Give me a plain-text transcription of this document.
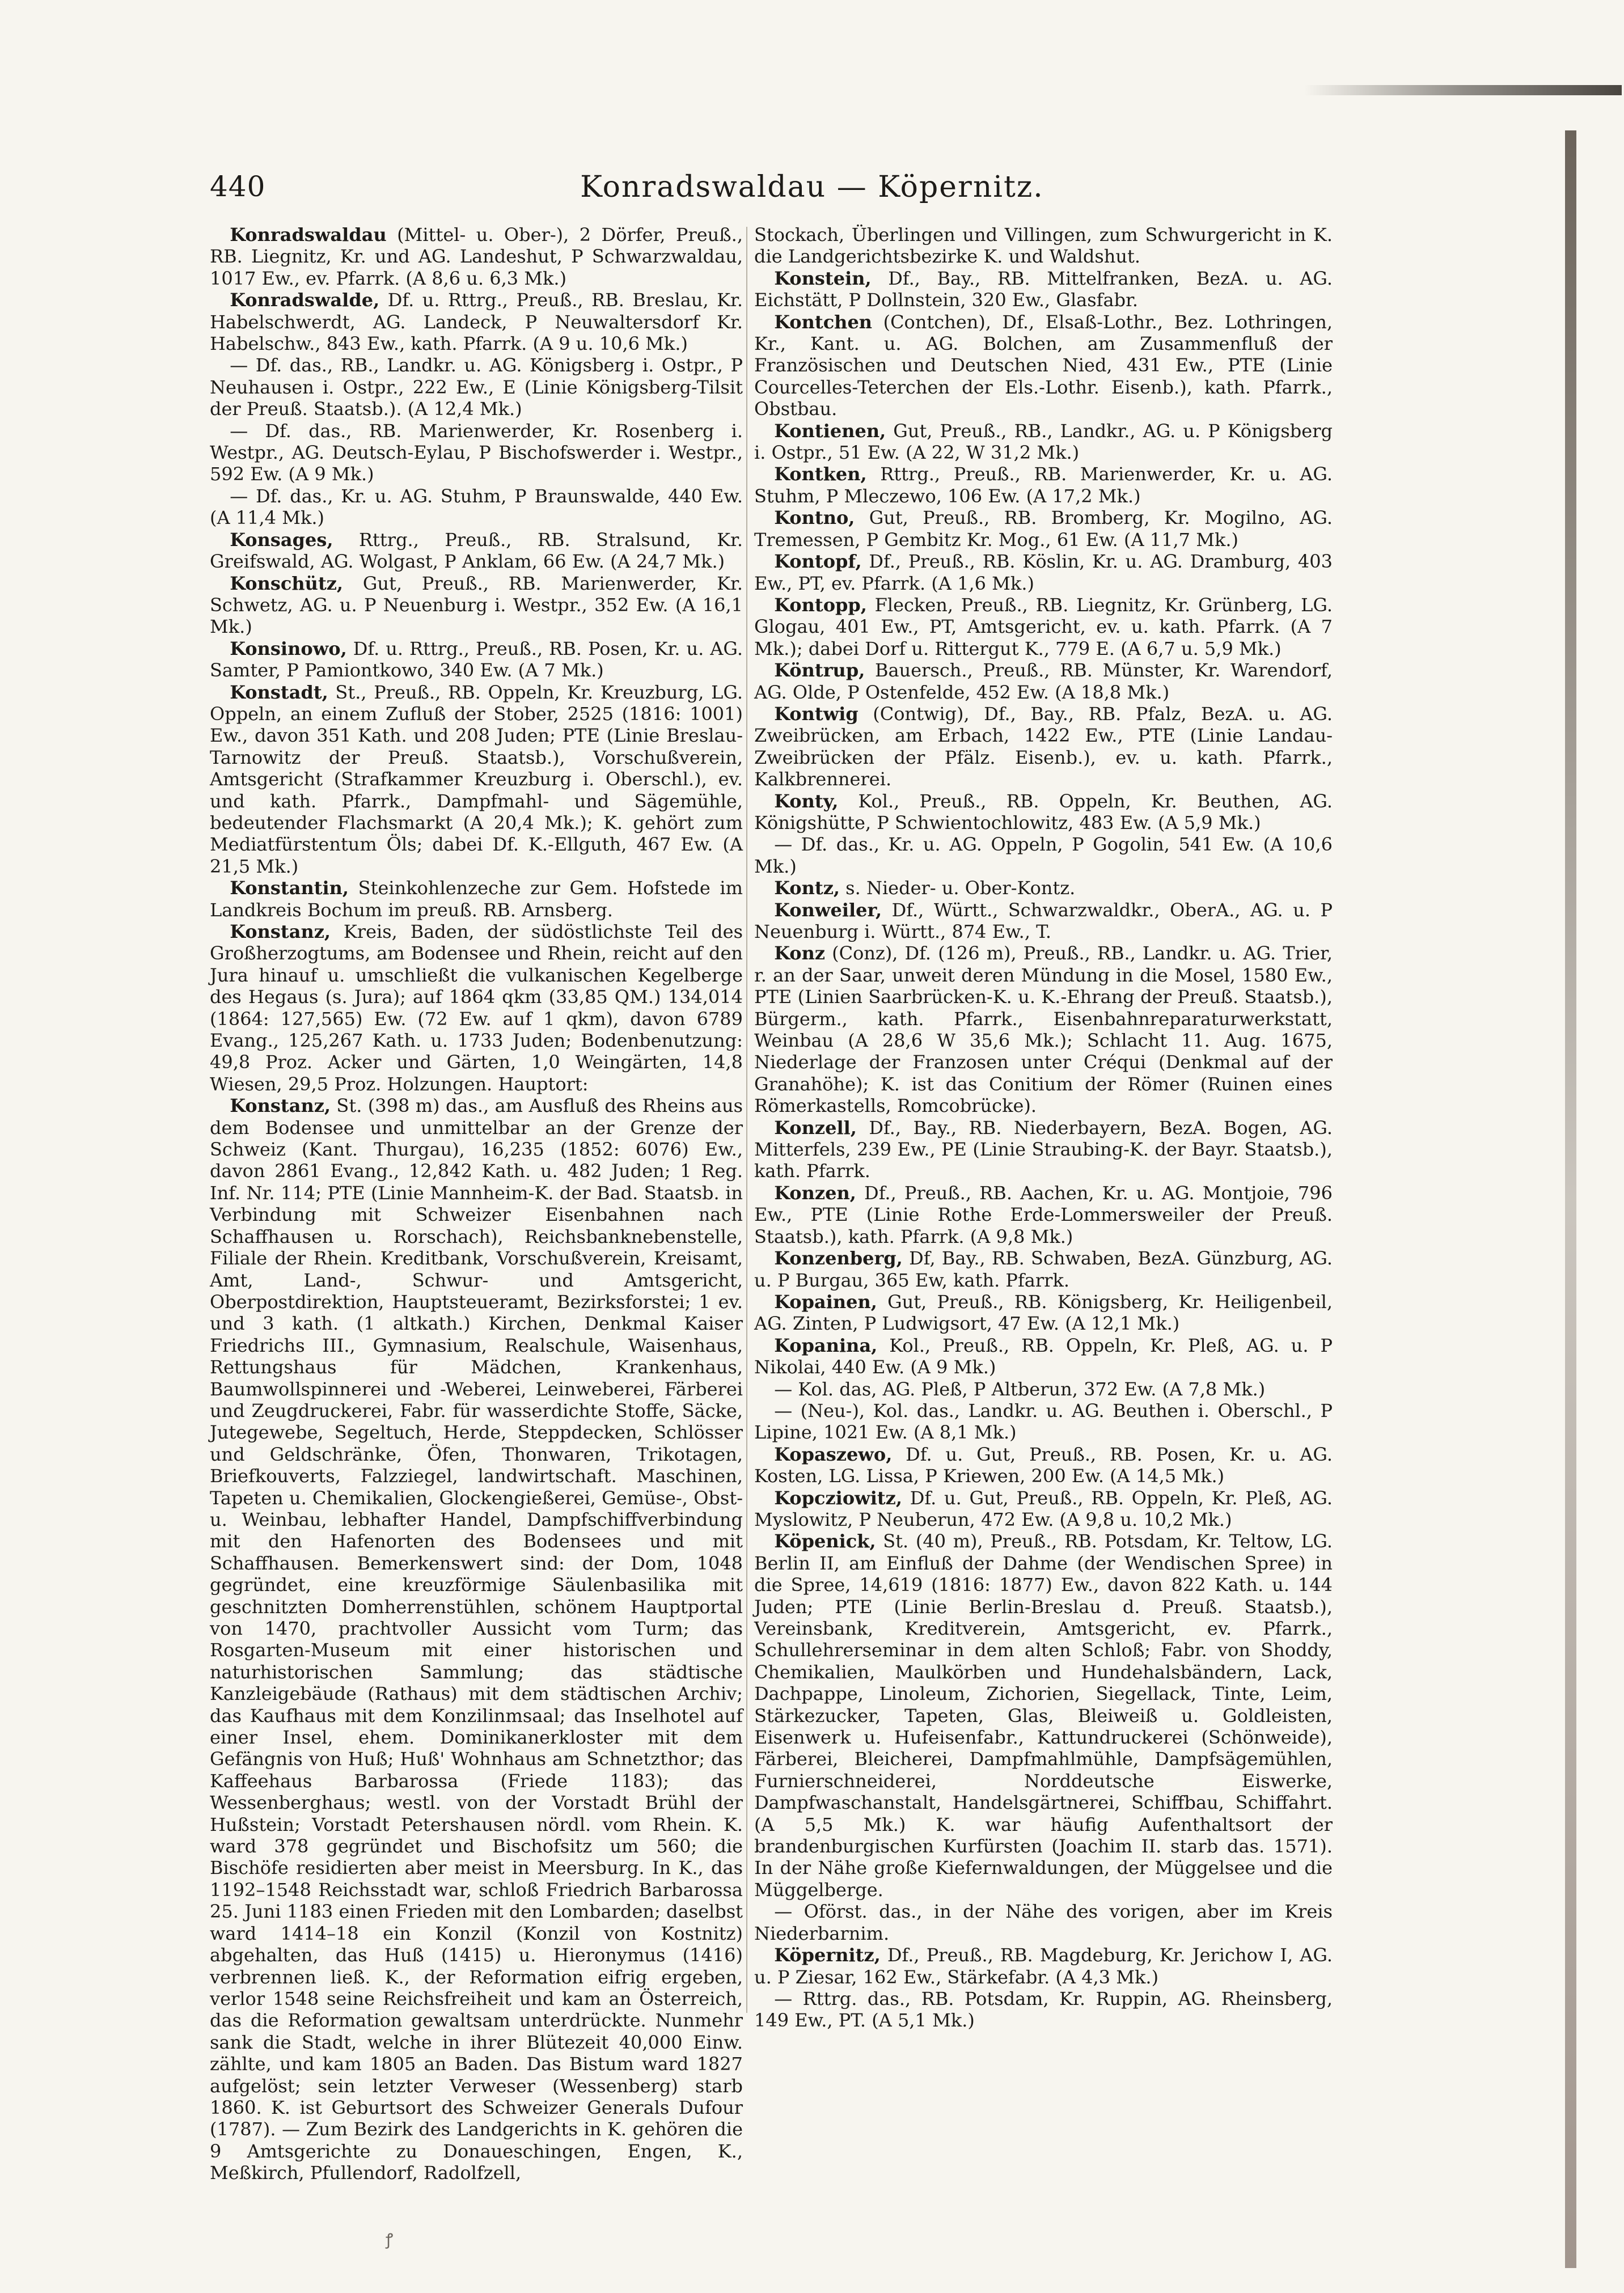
440	Konradswaldau — Köpernitz.

Konradswaldau (Mittel- u. Ober-), 2 Dörfer, Preuß., RB. Liegnitz, Kr. und AG. Landeshut, P Schwarzwaldau, 1017 Ew., ev. Pfarrk. (A 8,6 u. 6,3 Mk.)

Konradswalde, Df. u. Rttrg., Preuß., RB. Breslau, Kr. Habelschwerdt, AG. Landeck, P Neuwaltersdorf Kr. Habelschw., 843 Ew., kath. Pfarrk. (A 9 u. 10,6 Mk.)

— Df. das., RB., Landkr. u. AG. Königsberg i. Ostpr., P Neuhausen i. Ostpr., 222 Ew., E (Linie Königsberg-Tilsit der Preuß. Staatsb.). (A 12,4 Mk.)

— Df. das., RB. Marienwerder, Kr. Rosenberg i. Westpr., AG. Deutsch-Eylau, P Bischofswerder i. Westpr., 592 Ew. (A 9 Mk.)

— Df. das., Kr. u. AG. Stuhm, P Braunswalde, 440 Ew. (A 11,4 Mk.)

Konsages, Rttrg., Preuß., RB. Stralsund, Kr. Greifswald, AG. Wolgast, P Anklam, 66 Ew. (A 24,7 Mk.)

Konschütz, Gut, Preuß., RB. Marienwerder, Kr. Schwetz, AG. u. P Neuenburg i. Westpr., 352 Ew. (A 16,1 Mk.)

Konsinowo, Df. u. Rttrg., Preuß., RB. Posen, Kr. u. AG. Samter, P Pamiontkowo, 340 Ew. (A 7 Mk.)

Konstadt, St., Preuß., RB. Oppeln, Kr. Kreuzburg, LG. Oppeln, an einem Zufluß der Stober, 2525 (1816: 1001) Ew., davon 351 Kath. und 208 Juden; PTE (Linie Breslau-Tarnowitz der Preuß. Staatsb.), Vorschußverein, Amtsgericht (Strafkammer Kreuzburg i. Oberschl.), ev. und kath. Pfarrk., Dampfmahl- und Sägemühle, bedeutender Flachsmarkt (A 20,4 Mk.); K. gehört zum Mediatfürstentum Öls; dabei Df. K.-Ellguth, 467 Ew. (A 21,5 Mk.)

Konstantin, Steinkohlenzeche zur Gem. Hofstede im Landkreis Bochum im preuß. RB. Arnsberg.

Konstanz, Kreis, Baden, der südöstlichste Teil des Großherzogtums, am Bodensee und Rhein, reicht auf den Jura hinauf u. umschließt die vulkanischen Kegelberge des Hegaus (s. Jura); auf 1864 qkm (33,85 QM.) 134,014 (1864: 127,565) Ew. (72 Ew. auf 1 qkm), davon 6789 Evang., 125,267 Kath. u. 1733 Juden; Bodenbenutzung: 49,8 Proz. Acker und Gärten, 1,0 Weingärten, 14,8 Wiesen, 29,5 Proz. Holzungen. Hauptort:

Konstanz, St. (398 m) das., am Ausfluß des Rheins aus dem Bodensee und unmittelbar an der Grenze der Schweiz (Kant. Thurgau), 16,235 (1852: 6076) Ew., davon 2861 Evang., 12,842 Kath. u. 482 Juden; 1 Reg. Inf. Nr. 114; PTE (Linie Mannheim-K. der Bad. Staatsb. in Verbindung mit Schweizer Eisenbahnen nach Schaffhausen u. Rorschach), Reichsbanknebenstelle, Filiale der Rhein. Kreditbank, Vorschußverein, Kreisamt, Amt, Land-, Schwur- und Amtsgericht, Oberpostdirektion, Hauptsteueramt, Bezirksforstei; 1 ev. und 3 kath. (1 altkath.) Kirchen, Denkmal Kaiser Friedrichs III., Gymnasium, Realschule, Waisenhaus, Rettungshaus für Mädchen, Krankenhaus, Baumwollspinnerei und -Weberei, Leinweberei, Färberei und Zeugdruckerei, Fabr. für wasserdichte Stoffe, Säcke, Jutegewebe, Segeltuch, Herde, Steppdecken, Schlösser und Geldschränke, Öfen, Thonwaren, Trikotagen, Briefkouverts, Falzziegel, landwirtschaft. Maschinen, Tapeten u. Chemikalien, Glockengießerei, Gemüse-, Obst- u. Weinbau, lebhafter Handel, Dampfschiffverbindung mit den Hafenorten des Bodensees und mit Schaffhausen. Bemerkenswert sind: der Dom, 1048 gegründet, eine kreuzförmige Säulenbasilika mit geschnitzten Domherrenstühlen, schönem Hauptportal von 1470, prachtvoller Aussicht vom Turm; das Rosgarten-Museum mit einer historischen und naturhistorischen Sammlung; das städtische Kanzleigebäude (Rathaus) mit dem städtischen Archiv; das Kaufhaus mit dem Konzilinmsaal; das Inselhotel auf einer Insel, ehem. Dominikanerkloster mit dem Gefängnis von Huß; Huß' Wohnhaus am Schnetzthor; das Kaffeehaus Barbarossa (Friede 1183); das Wessenberghaus; westl. von der Vorstadt Brühl der Hußstein; Vorstadt Petershausen nördl. vom Rhein. K. ward 378 gegründet und Bischofsitz um 560; die Bischöfe residierten aber meist in Meersburg. In K., das 1192–1548 Reichsstadt war, schloß Friedrich Barbarossa 25. Juni 1183 einen Frieden mit den Lombarden; daselbst ward 1414–18 ein Konzil (Konzil von Kostnitz) abgehalten, das Huß (1415) u. Hieronymus (1416) verbrennen ließ. K., der Reformation eifrig ergeben, verlor 1548 seine Reichsfreiheit und kam an Österreich, das die Reformation gewaltsam unterdrückte. Nunmehr sank die Stadt, welche in ihrer Blütezeit 40,000 Einw. zählte, und kam 1805 an Baden. Das Bistum ward 1827 aufgelöst; sein letzter Verweser (Wessenberg) starb 1860. K. ist Geburtsort des Schweizer Generals Dufour (1787). — Zum Bezirk des Landgerichts in K. gehören die 9 Amtsgerichte zu Donaueschingen, Engen, K., Meßkirch, Pfullendorf, Radolfzell,

Stockach, Überlingen und Villingen, zum Schwurgericht in K. die Landgerichtsbezirke K. und Waldshut.

Konstein, Df., Bay., RB. Mittelfranken, BezA. u. AG. Eichstätt, P Dollnstein, 320 Ew., Glasfabr.

Kontchen (Contchen), Df., Elsaß-Lothr., Bez. Lothringen, Kr., Kant. u. AG. Bolchen, am Zusammenfluß der Französischen und Deutschen Nied, 431 Ew., PTE (Linie Courcelles-Teterchen der Els.-Lothr. Eisenb.), kath. Pfarrk., Obstbau.

Kontienen, Gut, Preuß., RB., Landkr., AG. u. P Königsberg i. Ostpr., 51 Ew. (A 22, W 31,2 Mk.)

Kontken, Rttrg., Preuß., RB. Marienwerder, Kr. u. AG. Stuhm, P Mleczewo, 106 Ew. (A 17,2 Mk.)

Kontno, Gut, Preuß., RB. Bromberg, Kr. Mogilno, AG. Tremessen, P Gembitz Kr. Mog., 61 Ew. (A 11,7 Mk.)

Kontopf, Df., Preuß., RB. Köslin, Kr. u. AG. Dramburg, 403 Ew., PT, ev. Pfarrk. (A 1,6 Mk.)

Kontopp, Flecken, Preuß., RB. Liegnitz, Kr. Grünberg, LG. Glogau, 401 Ew., PT, Amtsgericht, ev. u. kath. Pfarrk. (A 7 Mk.); dabei Dorf u. Rittergut K., 779 E. (A 6,7 u. 5,9 Mk.)

Köntrup, Bauersch., Preuß., RB. Münster, Kr. Warendorf, AG. Olde, P Ostenfelde, 452 Ew. (A 18,8 Mk.)

Kontwig (Contwig), Df., Bay., RB. Pfalz, BezA. u. AG. Zweibrücken, am Erbach, 1422 Ew., PTE (Linie Landau-Zweibrücken der Pfälz. Eisenb.), ev. u. kath. Pfarrk., Kalkbrennerei.

Konty, Kol., Preuß., RB. Oppeln, Kr. Beuthen, AG. Königshütte, P Schwientochlowitz, 483 Ew. (A 5,9 Mk.)

— Df. das., Kr. u. AG. Oppeln, P Gogolin, 541 Ew. (A 10,6 Mk.)

Kontz, s. Nieder- u. Ober-Kontz.

Konweiler, Df., Württ., Schwarzwaldkr., OberA., AG. u. P Neuenburg i. Württ., 874 Ew., T.

Konz (Conz), Df. (126 m), Preuß., RB., Landkr. u. AG. Trier, r. an der Saar, unweit deren Mündung in die Mosel, 1580 Ew., PTE (Linien Saarbrücken-K. u. K.-Ehrang der Preuß. Staatsb.), Bürgerm., kath. Pfarrk., Eisenbahnreparaturwerkstatt, Weinbau (A 28,6 W 35,6 Mk.); Schlacht 11. Aug. 1675, Niederlage der Franzosen unter Créqui (Denkmal auf der Granahöhe); K. ist das Conitium der Römer (Ruinen eines Römerkastells, Romcobrücke).

Konzell, Df., Bay., RB. Niederbayern, BezA. Bogen, AG. Mitterfels, 239 Ew., PE (Linie Straubing-K. der Bayr. Staatsb.), kath. Pfarrk.

Konzen, Df., Preuß., RB. Aachen, Kr. u. AG. Montjoie, 796 Ew., PTE (Linie Rothe Erde-Lommersweiler der Preuß. Staatsb.), kath. Pfarrk. (A 9,8 Mk.)

Konzenberg, Df, Bay., RB. Schwaben, BezA. Günzburg, AG. u. P Burgau, 365 Ew, kath. Pfarrk.

Kopainen, Gut, Preuß., RB. Königsberg, Kr. Heiligenbeil, AG. Zinten, P Ludwigsort, 47 Ew. (A 12,1 Mk.)

Kopanina, Kol., Preuß., RB. Oppeln, Kr. Pleß, AG. u. P Nikolai, 440 Ew. (A 9 Mk.)

— Kol. das, AG. Pleß, P Altberun, 372 Ew. (A 7,8 Mk.)

— (Neu-), Kol. das., Landkr. u. AG. Beuthen i. Oberschl., P Lipine, 1021 Ew. (A 8,1 Mk.)

Kopaszewo, Df. u. Gut, Preuß., RB. Posen, Kr. u. AG. Kosten, LG. Lissa, P Kriewen, 200 Ew. (A 14,5 Mk.)

Kopcziowitz, Df. u. Gut, Preuß., RB. Oppeln, Kr. Pleß, AG. Myslowitz, P Neuberun, 472 Ew. (A 9,8 u. 10,2 Mk.)

Köpenick, St. (40 m), Preuß., RB. Potsdam, Kr. Teltow, LG. Berlin II, am Einfluß der Dahme (der Wendischen Spree) in die Spree, 14,619 (1816: 1877) Ew., davon 822 Kath. u. 144 Juden; PTE (Linie Berlin-Breslau d. Preuß. Staatsb.), Vereinsbank, Kreditverein, Amtsgericht, ev. Pfarrk., Schullehrerseminar in dem alten Schloß; Fabr. von Shoddy, Chemikalien, Maulkörben und Hundehalsbändern, Lack, Dachpappe, Linoleum, Zichorien, Siegellack, Tinte, Leim, Stärkezucker, Tapeten, Glas, Bleiweiß u. Goldleisten, Eisenwerk u. Hufeisenfabr., Kattundruckerei (Schönweide), Färberei, Bleicherei, Dampfmahlmühle, Dampfsägemühlen, Furnierschneiderei, Norddeutsche Eiswerke, Dampfwaschanstalt, Handelsgärtnerei, Schiffbau, Schiffahrt. (A 5,5 Mk.) K. war häufig Aufenthaltsort der brandenburgischen Kurfürsten (Joachim II. starb das. 1571). In der Nähe große Kiefernwaldungen, der Müggelsee und die Müggelberge.

— Oförst. das., in der Nähe des vorigen, aber im Kreis Niederbarnim.

Köpernitz, Df., Preuß., RB. Magdeburg, Kr. Jerichow I, AG. u. P Ziesar, 162 Ew., Stärkefabr. (A 4,3 Mk.)

— Rttrg. das., RB. Potsdam, Kr. Ruppin, AG. Rheinsberg, 149 Ew., PT. (A 5,1 Mk.)

ꝭ
